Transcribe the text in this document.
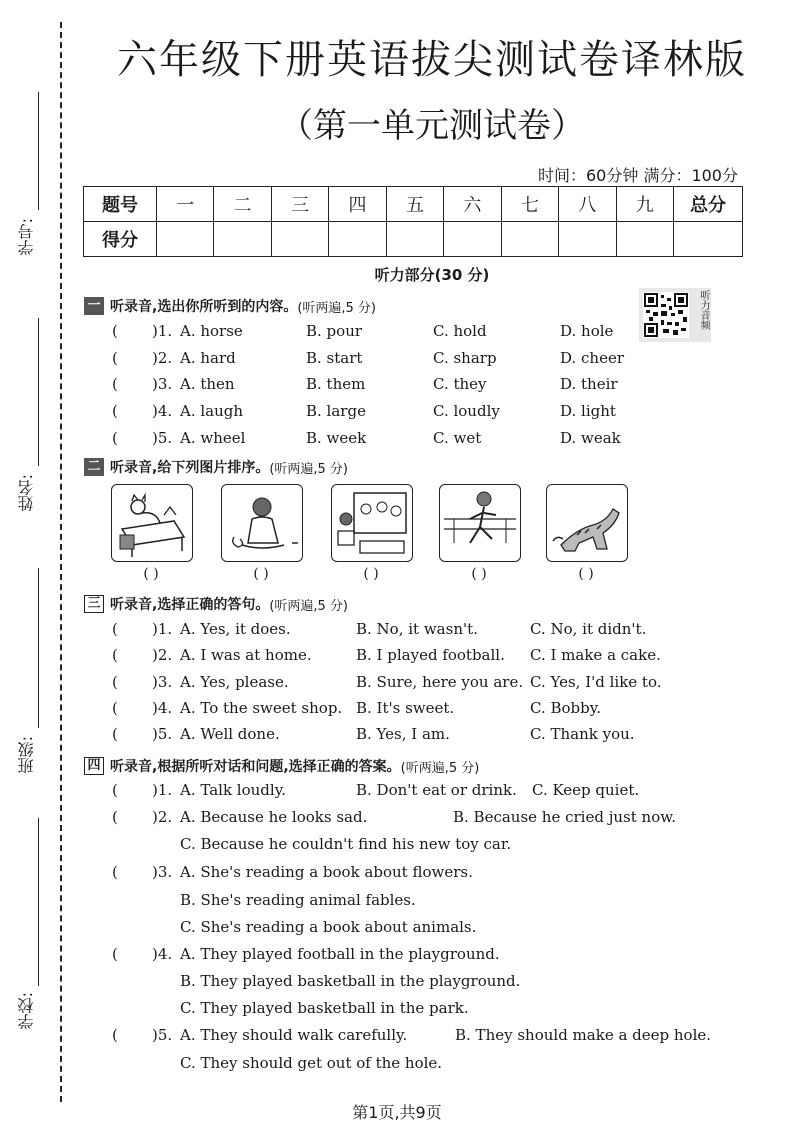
学号:
姓名:
班级:
学校:
六年级下册英语拔尖测试卷译林版
（第一单元测试卷）
时间：60分钟 满分：100分
题号	一	二	三	四	五	六	七	八	九	总分
得分										
听力部分(30 分)
听力音频
一 听录音,选出你所听到的内容。 (听两遍,5 分)
( )1. A. horse	B. pour	C. hold	D. hole
( )2. A. hard	B. start	C. sharp	D. cheer
( )3. A. then	B. them	C. they	D. their
( )4. A. laugh	B. large	C. loudly	D. light
( )5. A. wheel	B. week	C. wet	D. weak
二 听录音,给下列图片排序。 (听两遍,5 分)
( )	( )	( )	( )	( )
三 听录音,选择正确的答句。 (听两遍,5 分)
( )1. A. Yes, it does.	B. No, it wasn't.	C. No, it didn't.
( )2. A. I was at home.	B. I played football. C. I make a cake.
( )3. A. Yes, please.	B. Sure, here you are. C. Yes, I'd like to.
( )4. A. To the sweet shop. B. It's sweet.	C. Bobby.
( )5. A. Well done.	B. Yes, I am.	C. Thank you.
四 听录音,根据所听对话和问题,选择正确的答案。 (听两遍,5 分)
( )1. A. Talk loudly.	B. Don't eat or drink. C. Keep quiet.
( )2. A. Because he looks sad.	B. Because he cried just now.
C. Because he couldn't find his new toy car.
( )3. A. She's reading a book about flowers.
B. She's reading animal fables.
C. She's reading a book about animals.
( )4. A. They played football in the playground.
B. They played basketball in the playground.
C. They played basketball in the park.
( )5. A. They should walk carefully.	B. They should make a deep hole.
C. They should get out of the hole.
第1页,共9页
